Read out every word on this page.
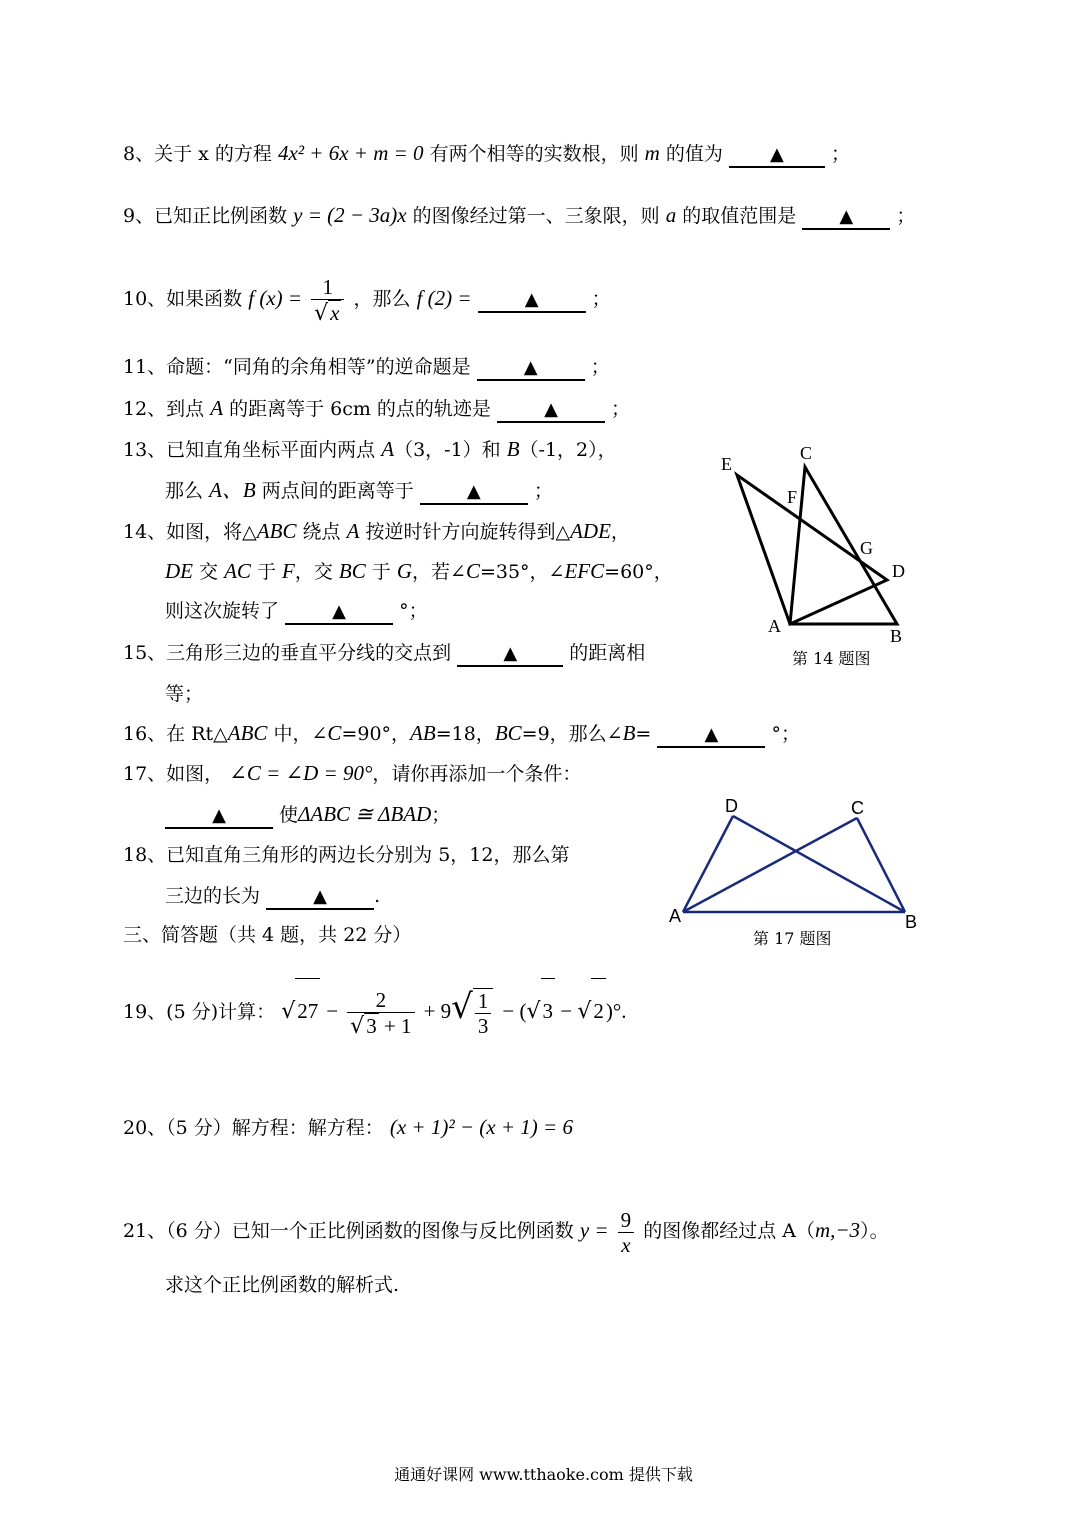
8、关于 x 的方程 4x² + 6x + m = 0 有两个相等的实数根，则 m 的值为	▲ ；
9、已知正比例函数 y = (2 − 3a)x 的图像经过第一、三象限，则 a 的取值范围是 ▲ ；
10、如果函数 f $(x) = \frac{1}{√x}$ ，那么 f (2) =	▲	；
11、命题：“同角的余角相等”的逆命题是	▲	；
12、到点 A 的距离等于 6cm 的点的轨迹是	▲	；
13、已知直角坐标平面内两点 A（3，-1）和 B（-1，2），
那么 A、B 两点间的距离等于	▲	；
14、如图，将△ABC 绕点 A 按逆时针方向旋转得到△ADE，
DE 交 AC 于 F，交 BC 于 G，若∠C=35°，∠EFC=60°，
则这次旋转了	▲	°；
15、三角形三边的垂直平分线的交点到	▲	的距离相
等；
16、在 Rt△ABC 中，∠C=90°，AB=18，BC=9，那么∠B=	▲	°；
17、如图， ∠C = ∠D = 90°，请你再添加一个条件：
▲	使ΔABC ≅ ΔBAD；
18、已知直角三角形的两边长分别为 5，12，那么第
三边的长为	▲ .
三、简答题（共 4 题，共 22 分）
19、(5 分)计算： $√27 - \frac{2}{√3 + 1} + 9√ \frac{1}{3} - (√3 - √2)^\circ$.
20、（5 分）解方程：解方程： (x + 1)² − (x + 1) = 6
21、（6 分）已知一个正比例函数的图像与反比例函数 $y = \frac{9}{x}$ 的图像都经过点 A（m,−3）。
求这个正比例函数的解析式.
E
C
F
G
D
A	B
第 14 题图
D	C
A	B
第 17 题图
通通好课网 www.tthaoke.com 提供下载
